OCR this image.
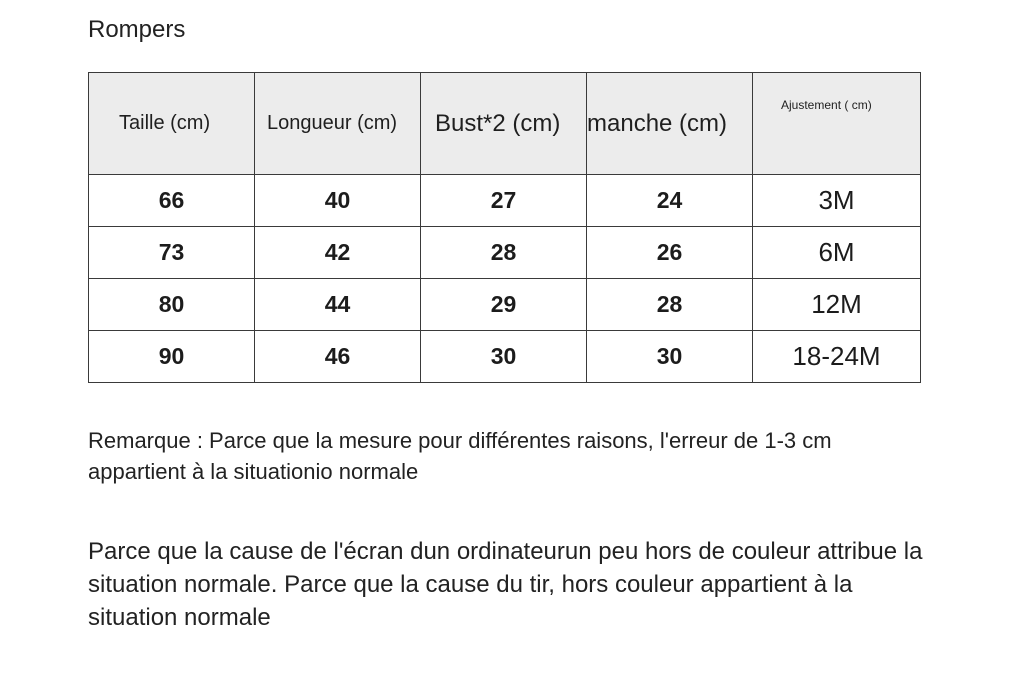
Rompers
Taille (cm)	Longueur (cm)	Bust*2 (cm)	manche (cm)	Ajustement ( cm)

66	40	27	24	3M
73	42	28	26	6M
80	44	29	28	12M
90	46	30	30	18-24M
Remarque : Parce que la mesure pour différentes raisons, l'erreur de 1-3 cm appartient à la situationio normale
Parce que la cause de l'écran dun ordinateurun peu hors de couleur attribue la situation normale. Parce que la cause du tir, hors couleur appartient à la situation normale
